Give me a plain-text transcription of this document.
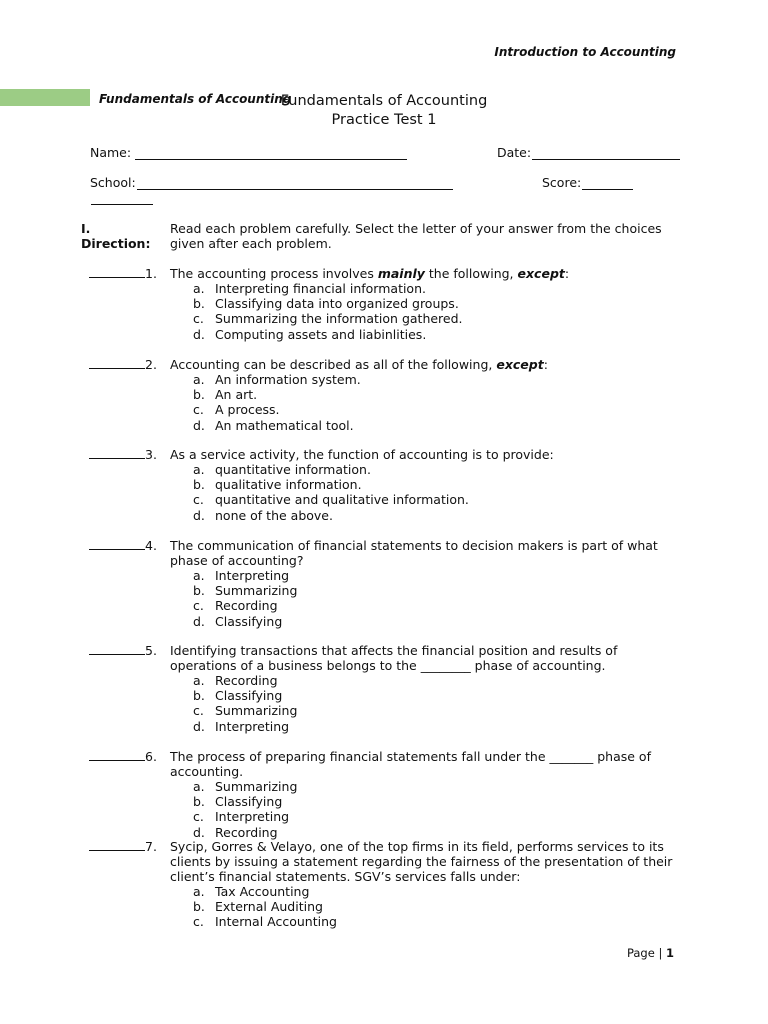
Introduction to Accounting
Fundamentals of Accounting
Fundamentals of Accounting
Practice Test 1
Name:	Date:
School:	Score:
I.
Direction:
Read each problem carefully. Select the letter of your answer from the choices given after each problem.
1. The accounting process involves mainly the following, except:
a. Interpreting financial information.
b. Classifying data into organized groups.
c. Summarizing the information gathered.
d. Computing assets and liabinlities.
2. Accounting can be described as all of the following, except:
a. An information system.
b. An art.
c. A process.
d. An mathematical tool.
3. As a service activity, the function of accounting is to provide:
a. quantitative information.
b. qualitative information.
c. quantitative and qualitative information.
d. none of the above.
4. The communication of financial statements to decision makers is part of what phase of accounting?
a. Interpreting
b. Summarizing
c. Recording
d. Classifying
5. Identifying transactions that affects the financial position and results of operations of a business belongs to the ________ phase of accounting.
a. Recording
b. Classifying
c. Summarizing
d. Interpreting
6. The process of preparing financial statements fall under the _______ phase of accounting.
a. Summarizing
b. Classifying
c. Interpreting
d. Recording
7. Sycip, Gorres & Velayo, one of the top firms in its field, performs services to its clients by issuing a statement regarding the fairness of the presentation of their client’s financial statements. SGV’s services falls under:
a. Tax Accounting
b. External Auditing
c. Internal Accounting
Page | 1
